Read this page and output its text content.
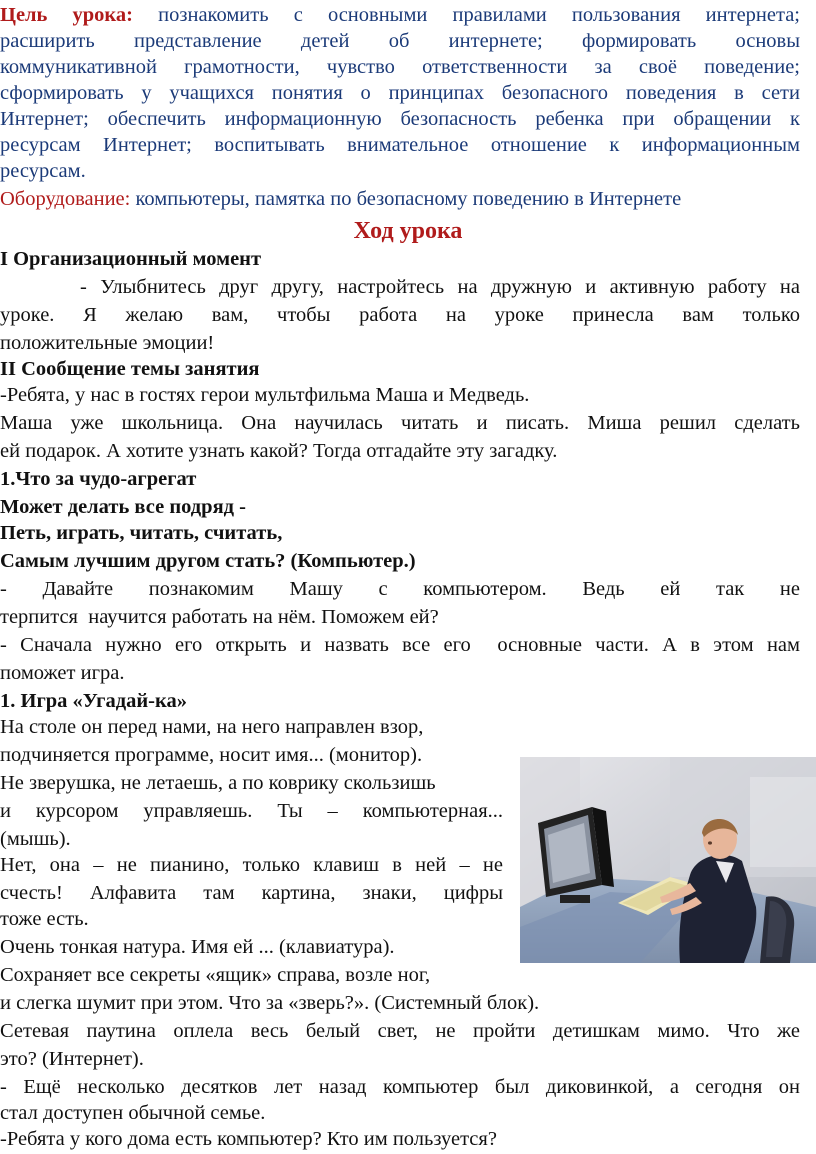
Цель урока: познакомить с основными правилами пользования интернета;

расширить представление детей об интернете; формировать основы

коммуникативной грамотности, чувство ответственности за своё поведение;

сформировать у учащихся понятия о принципах безопасного поведения в сети

Интернет; обеспечить информационную безопасность ребенка при обращении к

ресурсам Интернет; воспитывать внимательное отношение к информационным

ресурсам.

Оборудование: компьютеры, памятка по безопасному поведению в Интернете

Ход урока

I Организационный момент

- Улыбнитесь друг другу, настройтесь на дружную и активную работу на

уроке. Я желаю вам, чтобы работа на уроке принесла вам только

положительные эмоции!

II Сообщение темы занятия

-Ребята, у нас в гостях герои мультфильма Маша и Медведь.

Маша уже школьница. Она научилась читать и писать. Миша решил сделать

ей подарок. А хотите узнать какой? Тогда отгадайте эту загадку.

1.Что за чудо-агрегат

Может делать все подряд -

Петь, играть, читать, считать,

Самым лучшим другом стать? (Компьютер.)

- Давайте познакомим Машу с компьютером. Ведь ей так не

терпится  научится работать на нём. Поможем ей?

- Сначала нужно его открыть и назвать все его  основные части. А в этом нам

поможет игра.

1. Игра «Угадай-ка»

На столе он перед нами, на него направлен взор,

подчиняется программе, носит имя... (монитор).

Не зверушка, не летаешь, а по коврику скользишь

и курсором управляешь. Ты – компьютерная...

(мышь).

Нет, она – не пианино, только клавиш в ней – не

счесть! Алфавита там картина, знаки, цифры

тоже есть.

Очень тонкая натура. Имя ей ... (клавиатура).

Сохраняет все секреты «ящик» справа, возле ног,

и слегка шумит при этом. Что за «зверь?». (Системный блок).

Сетевая паутина оплела весь белый свет, не пройти детишкам мимо. Что же

это? (Интернет).

- Ещё несколько десятков лет назад компьютер был диковинкой, а сегодня он

стал доступен обычной семье.

-Ребята у кого дома есть компьютер? Кто им пользуется?
